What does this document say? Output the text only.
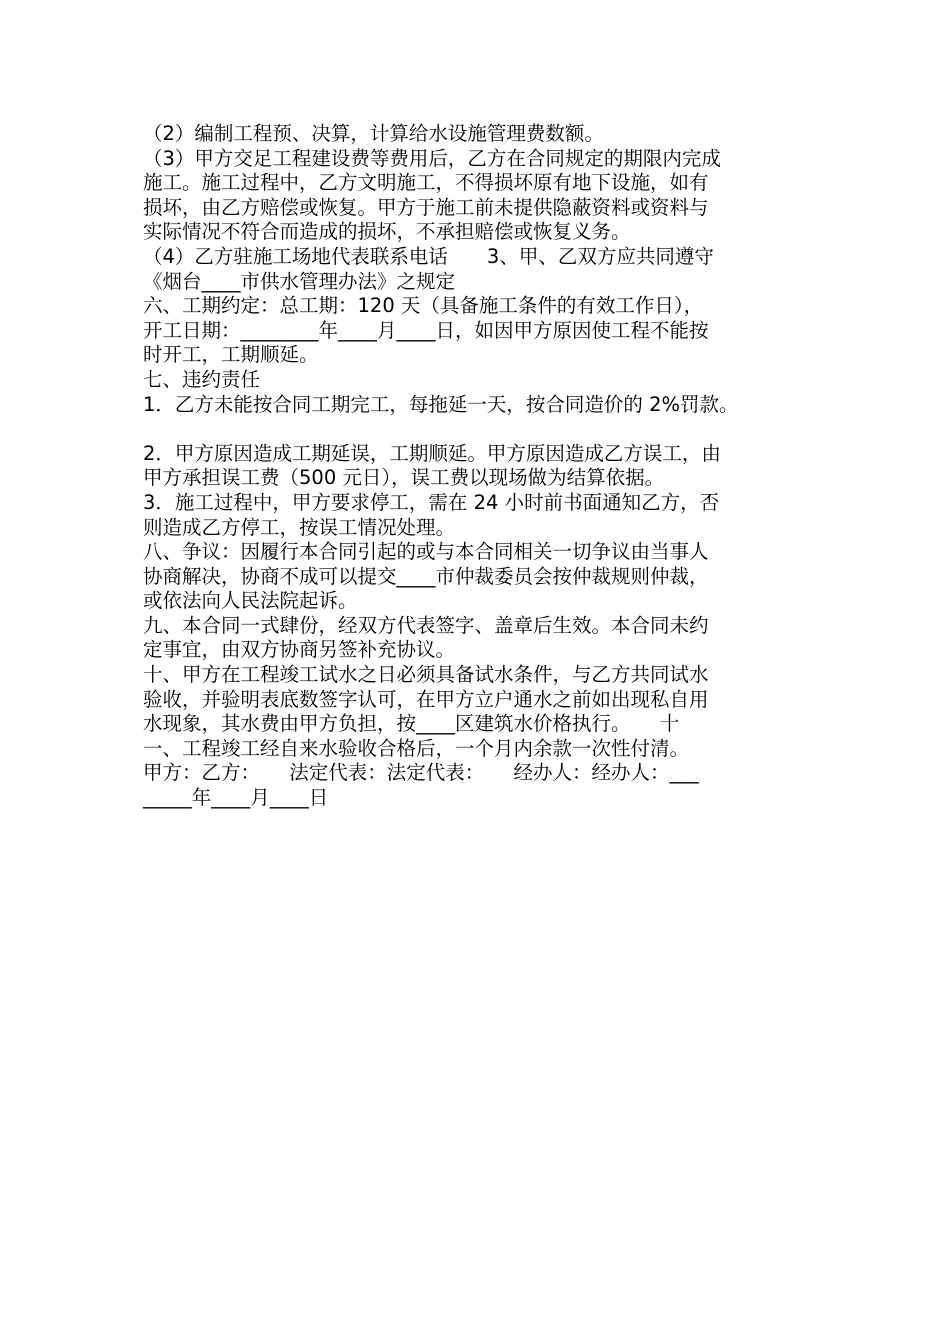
（2）编制工程预、决算，计算给水设施管理费数额。
（3）甲方交足工程建设费等费用后，乙方在合同规定的期限内完成
施工。施工过程中，乙方文明施工，不得损坏原有地下设施，如有
损坏，由乙方赔偿或恢复。甲方于施工前未提供隐蔽资料或资料与
实际情况不符合而造成的损坏，不承担赔偿或恢复义务。
（4）乙方驻施工场地代表联系电话　　3、甲、乙双方应共同遵守
《烟台____市供水管理办法》之规定
六、工期约定：总工期：120 天（具备施工条件的有效工作日），
开工日期：________年____月____日，如因甲方原因使工程不能按
时开工，工期顺延。
七、违约责任
1．乙方未能按合同工期完工，每拖延一天，按合同造价的 2%罚款。
2．甲方原因造成工期延误，工期顺延。甲方原因造成乙方误工，由
甲方承担误工费（500 元日），误工费以现场做为结算依据。
3．施工过程中，甲方要求停工，需在 24 小时前书面通知乙方，否
则造成乙方停工，按误工情况处理。
八、争议：因履行本合同引起的或与本合同相关一切争议由当事人
协商解决，协商不成可以提交____市仲裁委员会按仲裁规则仲裁，
或依法向人民法院起诉。
九、本合同一式肆份，经双方代表签字、盖章后生效。本合同未约
定事宜，由双方协商另签补充协议。
十、甲方在工程竣工试水之日必须具备试水条件，与乙方共同试水
验收，并验明表底数签字认可，在甲方立户通水之前如出现私自用
水现象，其水费由甲方负担，按____区建筑水价格执行。　　十
一、工程竣工经自来水验收合格后，一个月内余款一次性付清。
甲方：乙方：　　法定代表：法定代表：　　经办人：经办人：___
_____年____月____日
